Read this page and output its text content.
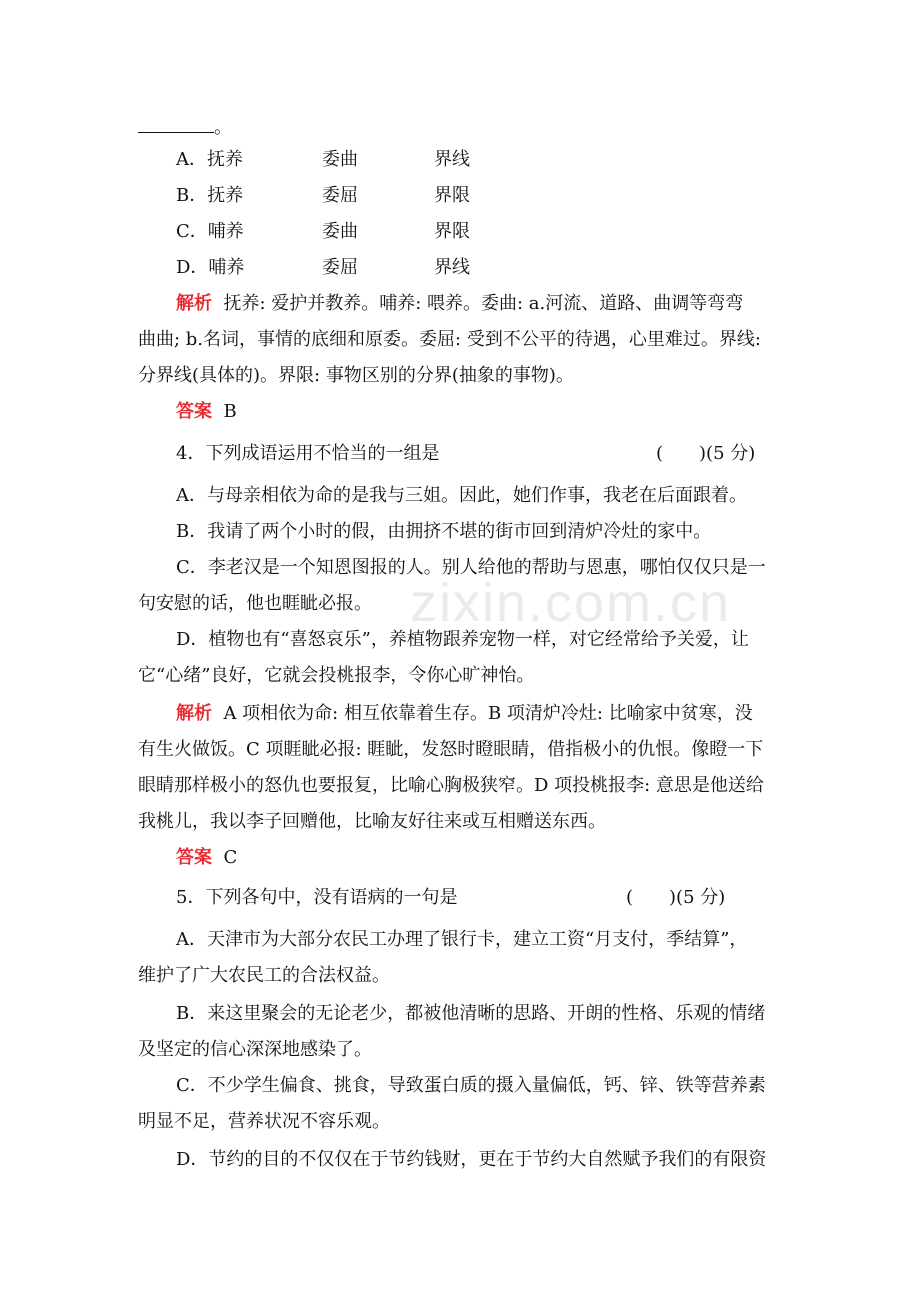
。
A．抚养	委曲	界线
B．抚养	委屈	界限
C．哺养	委曲	界限
D．哺养	委屈	界线
解析 抚养: 爱护并教养。哺养: 喂养。委曲: a.河流、道路、曲调等弯弯
曲曲; b.名词，事情的底细和原委。委屈: 受到不公平的待遇，心里难过。界线:
分界线(具体的)。界限: 事物区别的分界(抽象的事物)。
答案 B
4．下列成语运用不恰当的一组是	(　　)(5 分)
A．与母亲相依为命的是我与三姐。因此，她们作事，我老在后面跟着。
B．我请了两个小时的假，由拥挤不堪的街市回到清炉冷灶的家中。
C．李老汉是一个知恩图报的人。别人给他的帮助与恩惠，哪怕仅仅只是一
句安慰的话，他也睚眦必报。
D．植物也有“喜怒哀乐”，养植物跟养宠物一样，对它经常给予关爱，让
它“心绪”良好，它就会投桃报李，令你心旷神怡。
解析 A 项相依为命: 相互依靠着生存。B 项清炉冷灶: 比喻家中贫寒，没
有生火做饭。C 项睚眦必报: 睚眦，发怒时瞪眼睛，借指极小的仇恨。像瞪一下
眼睛那样极小的怒仇也要报复，比喻心胸极狭窄。D 项投桃报李: 意思是他送给
我桃儿，我以李子回赠他，比喻友好往来或互相赠送东西。
答案 C
5．下列各句中，没有语病的一句是	(　　)(5 分)
A．天津市为大部分农民工办理了银行卡，建立工资“月支付，季结算”，
维护了广大农民工的合法权益。
B．来这里聚会的无论老少，都被他清晰的思路、开朗的性格、乐观的情绪
及坚定的信心深深地感染了。
C．不少学生偏食、挑食，导致蛋白质的摄入量偏低，钙、锌、铁等营养素
明显不足，营养状况不容乐观。
D．节约的目的不仅仅在于节约钱财，更在于节约大自然赋予我们的有限资
zixin.com.cn
